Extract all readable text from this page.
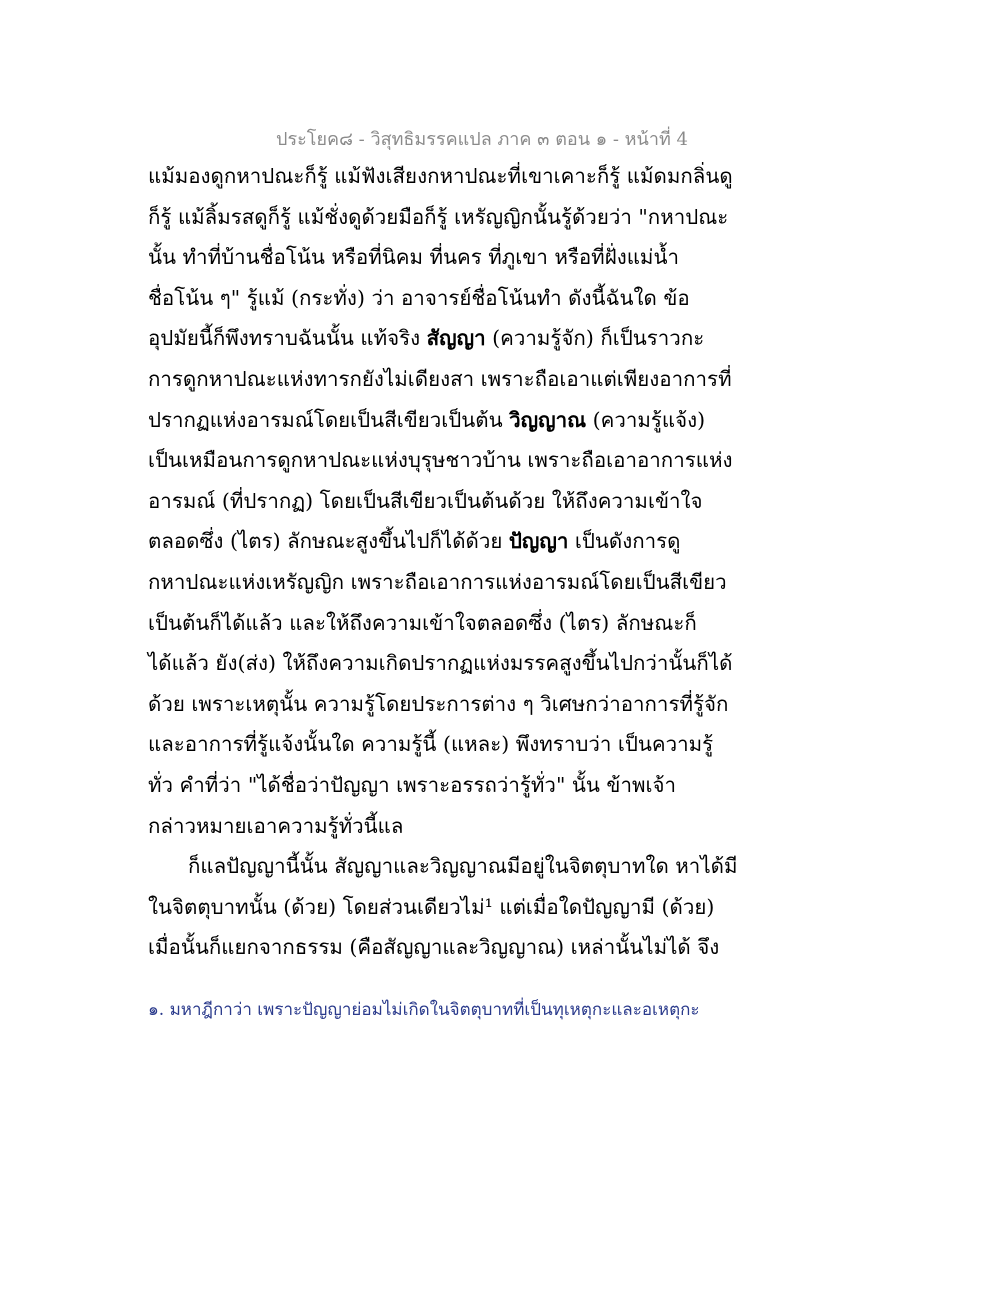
ประโยค๘ - วิสุทธิมรรคแปล ภาค ๓ ตอน ๑ - หน้าที่ 4
แม้มองดูกหาปณะก็รู้ แม้ฟังเสียงกหาปณะที่เขาเคาะก็รู้ แม้ดมกลิ่นดู
ก็รู้ แม้ลิ้มรสดูก็รู้ แม้ชั่งดูด้วยมือก็รู้ เหรัญญิกนั้นรู้ด้วยว่า "กหาปณะ
นั้น ทำที่บ้านชื่อโน้น หรือที่นิคม ที่นคร ที่ภูเขา หรือที่ฝั่งแม่น้ำ
ชื่อโน้น ๆ" รู้แม้ (กระทั่ง) ว่า อาจารย์ชื่อโน้นทำ ดังนี้ฉันใด ข้อ
อุปมัยนี้ก็พึงทราบฉันนั้น แท้จริง สัญญา (ความรู้จัก) ก็เป็นราวกะ
การดูกหาปณะแห่งทารกยังไม่เดียงสา เพราะถือเอาแต่เพียงอาการที่
ปรากฏแห่งอารมณ์โดยเป็นสีเขียวเป็นต้น วิญญาณ (ความรู้แจ้ง)
เป็นเหมือนการดูกหาปณะแห่งบุรุษชาวบ้าน เพราะถือเอาอาการแห่ง
อารมณ์ (ที่ปรากฏ) โดยเป็นสีเขียวเป็นต้นด้วย ให้ถึงความเข้าใจ
ตลอดซึ่ง (ไตร) ลักษณะสูงขึ้นไปก็ได้ด้วย ปัญญา เป็นดังการดู
กหาปณะแห่งเหรัญญิก เพราะถือเอาการแห่งอารมณ์โดยเป็นสีเขียว
เป็นต้นก็ได้แล้ว และให้ถึงความเข้าใจตลอดซึ่ง (ไตร) ลักษณะก็
ได้แล้ว ยัง(ส่ง) ให้ถึงความเกิดปรากฏแห่งมรรคสูงขึ้นไปกว่านั้นก็ได้
ด้วย เพราะเหตุนั้น ความรู้โดยประการต่าง ๆ วิเศษกว่าอาการที่รู้จัก
และอาการที่รู้แจ้งนั้นใด ความรู้นี้ (แหละ) พึงทราบว่า เป็นความรู้
ทั่ว คำที่ว่า "ได้ชื่อว่าปัญญา เพราะอรรถว่ารู้ทั่ว" นั้น ข้าพเจ้า
กล่าวหมายเอาความรู้ทั่วนี้แล
ก็แลปัญญานี้นั้น สัญญาและวิญญาณมีอยู่ในจิตตุบาทใด หาได้มี
ในจิตตุบาทนั้น (ด้วย) โดยส่วนเดียวไม่¹ แต่เมื่อใดปัญญามี (ด้วย)
เมื่อนั้นก็แยกจากธรรม (คือสัญญาและวิญญาณ) เหล่านั้นไม่ได้ จึง
๑. มหาฎีกาว่า เพราะปัญญาย่อมไม่เกิดในจิตตุบาทที่เป็นทุเหตุกะและอเหตุกะ
